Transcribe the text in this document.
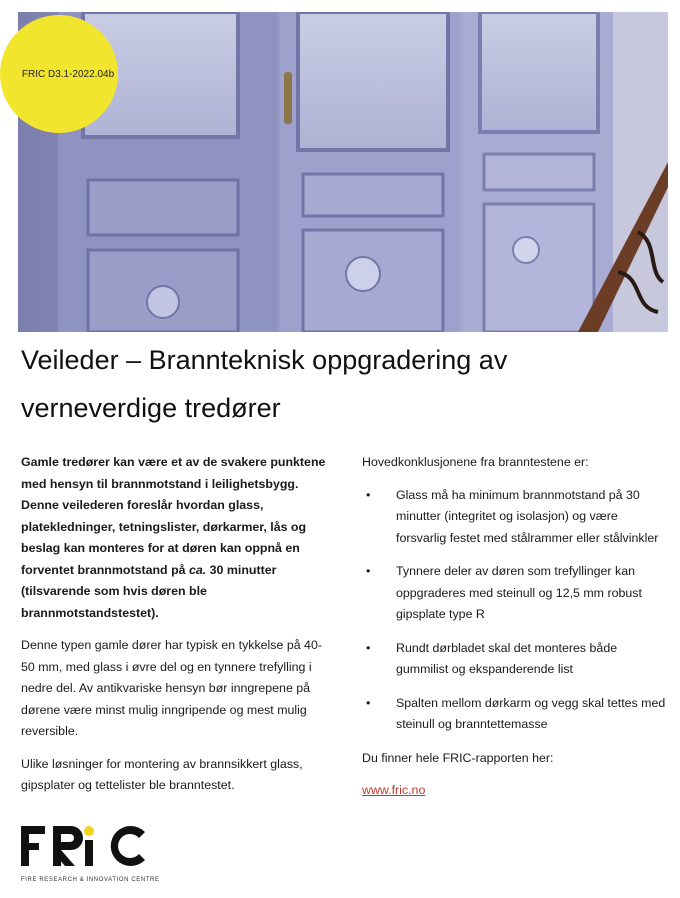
FRIC D3.1-2022.04b
Veileder – Brannteknisk oppgradering av verneverdige tredører

Gamle tredører kan være et av de svakere punktene med hensyn til brannmotstand i leilighetsbygg. Denne veilederen foreslår hvordan glass, platekledninger, tetningslister, dørkarmer, lås og beslag kan monteres for at døren kan oppnå en forventet brannmotstand på ca. 30 minutter (tilsvarende som hvis døren ble brannmotstandstestet).

Denne typen gamle dører har typisk en tykkelse på 40-50 mm, med glass i øvre del og en tynnere trefylling i nedre del. Av antikvariske hensyn bør inngrepene på dørene være minst mulig inngripende og mest mulig reversible.

Ulike løsninger for montering av brannsikkert glass, gipsplater og tettelister ble branntestet.

Hovedkonklusjonene fra branntestene er:

• Glass må ha minimum brannmotstand på 30 minutter (integritet og isolasjon) og være forsvarlig festet med stålrammer eller stålvinkler
• Tynnere deler av døren som trefyllinger kan oppgraderes med steinull og 12,5 mm robust gipsplate type R
• Rundt dørbladet skal det monteres både gummilist og ekspanderende list
• Spalten mellom dørkarm og vegg skal tettes med steinull og branntettemasse

Du finner hele FRIC-rapporten her:

www.fric.no
FIRE RESEARCH & INNOVATION CENTRE
